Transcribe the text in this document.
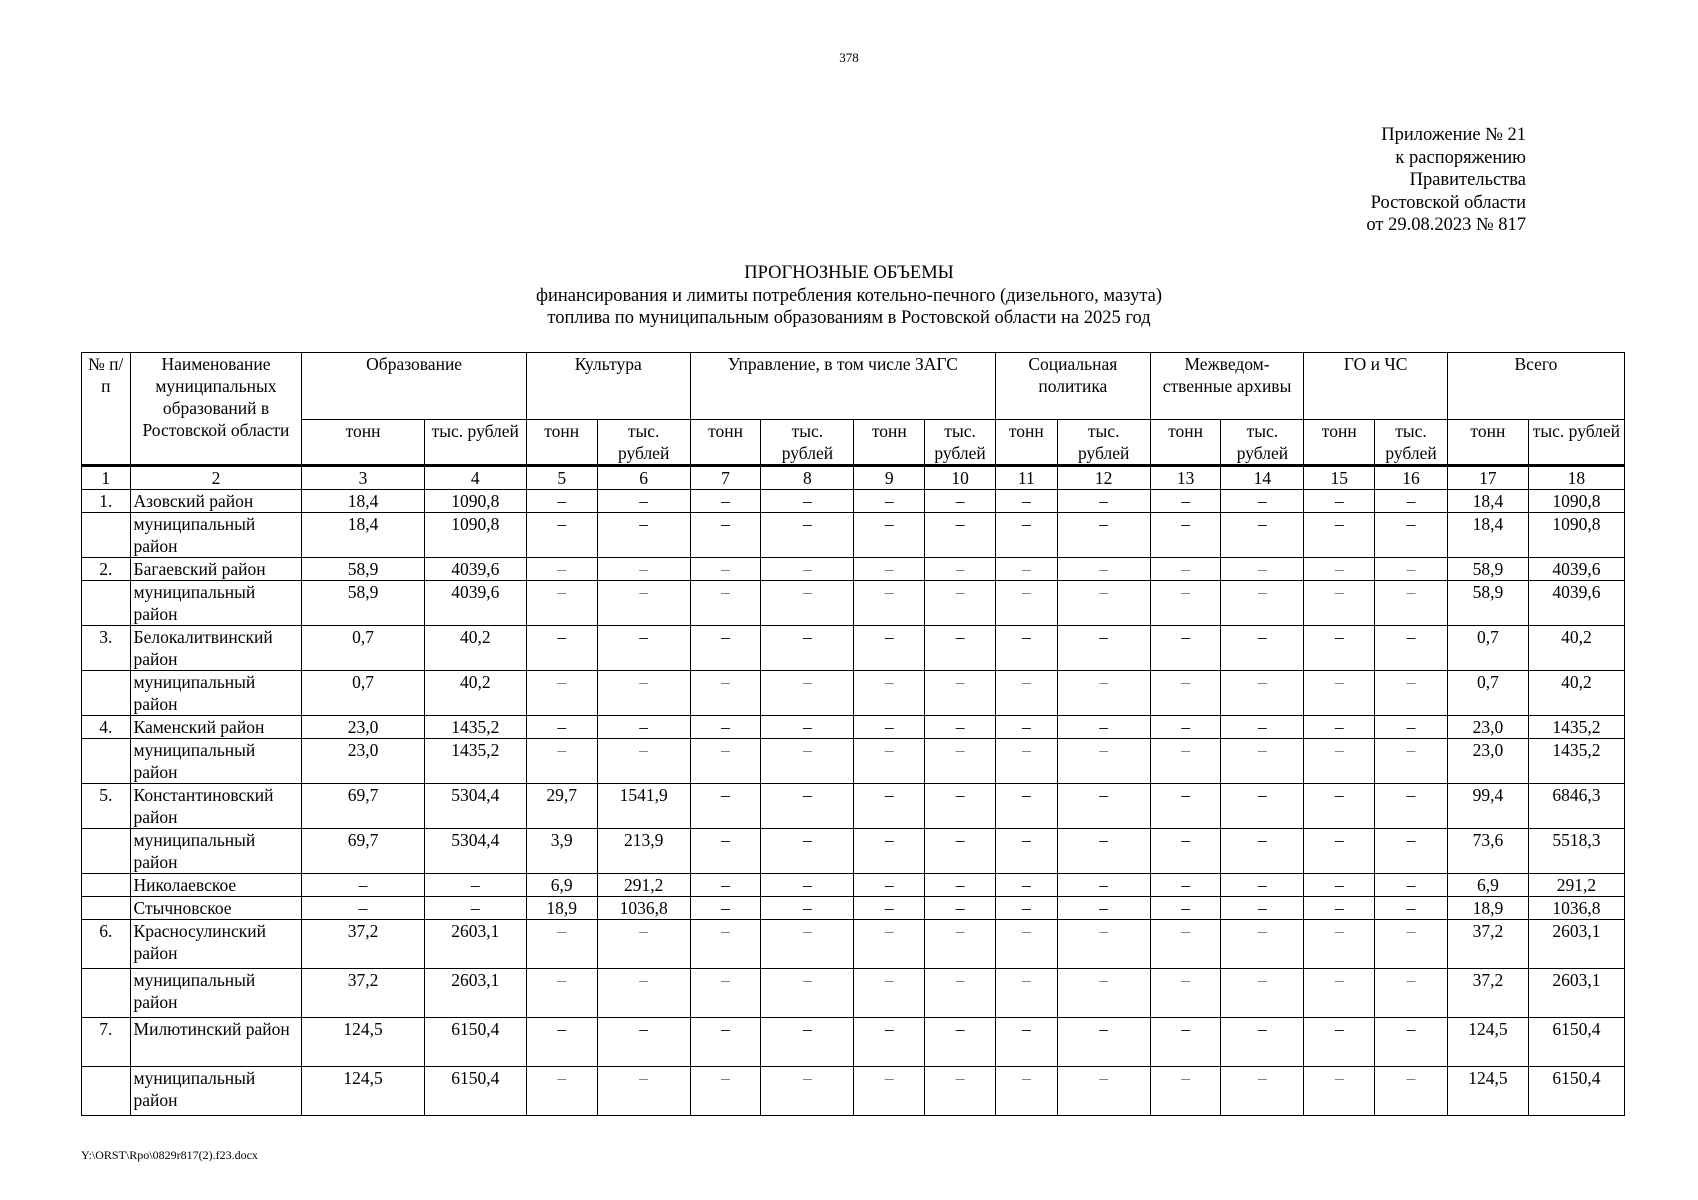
378
Приложение № 21
к распоряжению
Правительства
Ростовской области
от 29.08.2023 № 817
ПРОГНОЗНЫЕ ОБЪЕМЫ
финансирования и лимиты потребления котельно-печного (дизельного, мазута)
топлива по муниципальным образованиям в Ростовской области на 2025 год
№ п/п	Наименование муниципальных образований в Ростовской области	Образование		Культура		Управление, в том числе ЗАГС				Социальная политика		Межведом-ственные архивы		ГО и ЧС		Всего	
		тонн	тыс. рублей	тонн	тыс. рублей	тонн	тыс. рублей	тонн	тыс. рублей	тонн	тыс. рублей	тонн	тыс. рублей	тонн	тыс. рублей	тонн	тыс. рублей
1	2	3	4	5	6	7	8	9	10	11	12	13	14	15	16	17	18
1.	Азовский район	18,4	1090,8	–	–	–	–	–	–	–	–	–	–	–	–	18,4	1090,8
	муниципальный район	18,4	1090,8	–	–	–	–	–	–	–	–	–	–	–	–	18,4	1090,8
2.	Багаевский район	58,9	4039,6	–	–	–	–	–	–	–	–	–	–	–	–	58,9	4039,6
	муниципальный район	58,9	4039,6	–	–	–	–	–	–	–	–	–	–	–	–	58,9	4039,6
3.	Белокалитвинский район	0,7	40,2	–	–	–	–	–	–	–	–	–	–	–	–	0,7	40,2
	муниципальный район	0,7	40,2	–	–	–	–	–	–	–	–	–	–	–	–	0,7	40,2
4.	Каменский район	23,0	1435,2	–	–	–	–	–	–	–	–	–	–	–	–	23,0	1435,2
	муниципальный район	23,0	1435,2	–	–	–	–	–	–	–	–	–	–	–	–	23,0	1435,2
5.	Константиновский район	69,7	5304,4	29,7	1541,9	–	–	–	–	–	–	–	–	–	–	99,4	6846,3
	муниципальный район	69,7	5304,4	3,9	213,9	–	–	–	–	–	–	–	–	–	–	73,6	5518,3
	Николаевское	–	–	6,9	291,2	–	–	–	–	–	–	–	–	–	–	6,9	291,2
	Стычновское	–	–	18,9	1036,8	–	–	–	–	–	–	–	–	–	–	18,9	1036,8
6.	Красносулинский район	37,2	2603,1	–	–	–	–	–	–	–	–	–	–	–	–	37,2	2603,1
	муниципальный район	37,2	2603,1	–	–	–	–	–	–	–	–	–	–	–	–	37,2	2603,1
7.	Милютинский район	124,5	6150,4	–	–	–	–	–	–	–	–	–	–	–	–	124,5	6150,4
	муниципальный район	124,5	6150,4	–	–	–	–	–	–	–	–	–	–	–	–	124,5	6150,4
Y:\ORST\Rpo\0829r817(2).f23.docx
